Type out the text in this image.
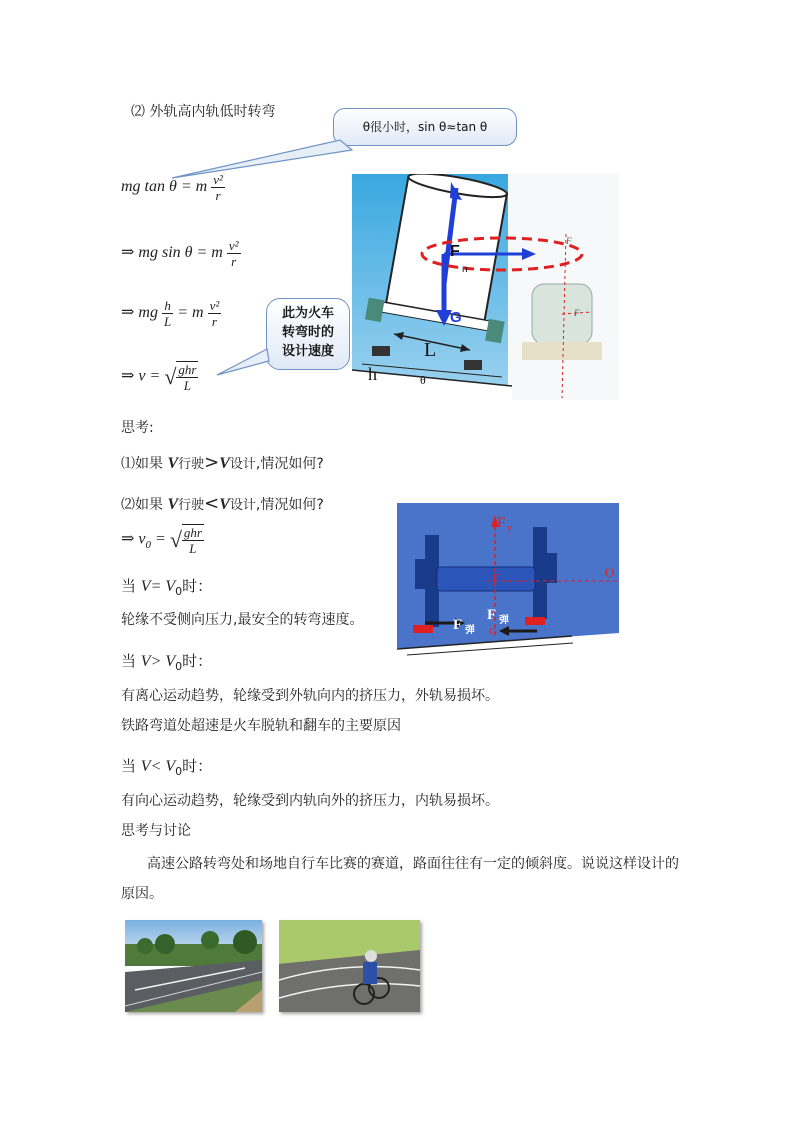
⑵ 外轨高内轨低时转弯
θ很小时，sin θ≈tan θ
mg tan θ = m $\frac{\text{v²}}{r}$
⇒ mg sin θ = m $\frac{\text{v²}}{r}$
⇒ mg $\frac{h}{L} = m \frac{\text{v²}}{r}$
⇒ v = √ $\frac{\text{ghr}}{L}$
此为火车
转弯时的
设计速度	L
h	θ
F
n
G
F
F
思考:
⑴如果 V行驶>V设计,情况如何?
⑵如果 V行驶<V设计,情况如何?
⇒ $v_0$ = √ $\frac{\text{ghr}}{L}$
F y
F	O
F 弹
F 弹
G
当 $V= V_0$时：
轮缘不受侧向压力,最安全的转弯速度。
当 $V> V_0$时：
有离心运动趋势，轮缘受到外轨向内的挤压力，外轨易损坏。
铁路弯道处超速是火车脱轨和翻车的主要原因
当 $V< V_0$时：
有向心运动趋势，轮缘受到内轨向外的挤压力，内轨易损坏。
思考与讨论
高速公路转弯处和场地自行车比赛的赛道，路面往往有一定的倾斜度。说说这样设计的
原因。
